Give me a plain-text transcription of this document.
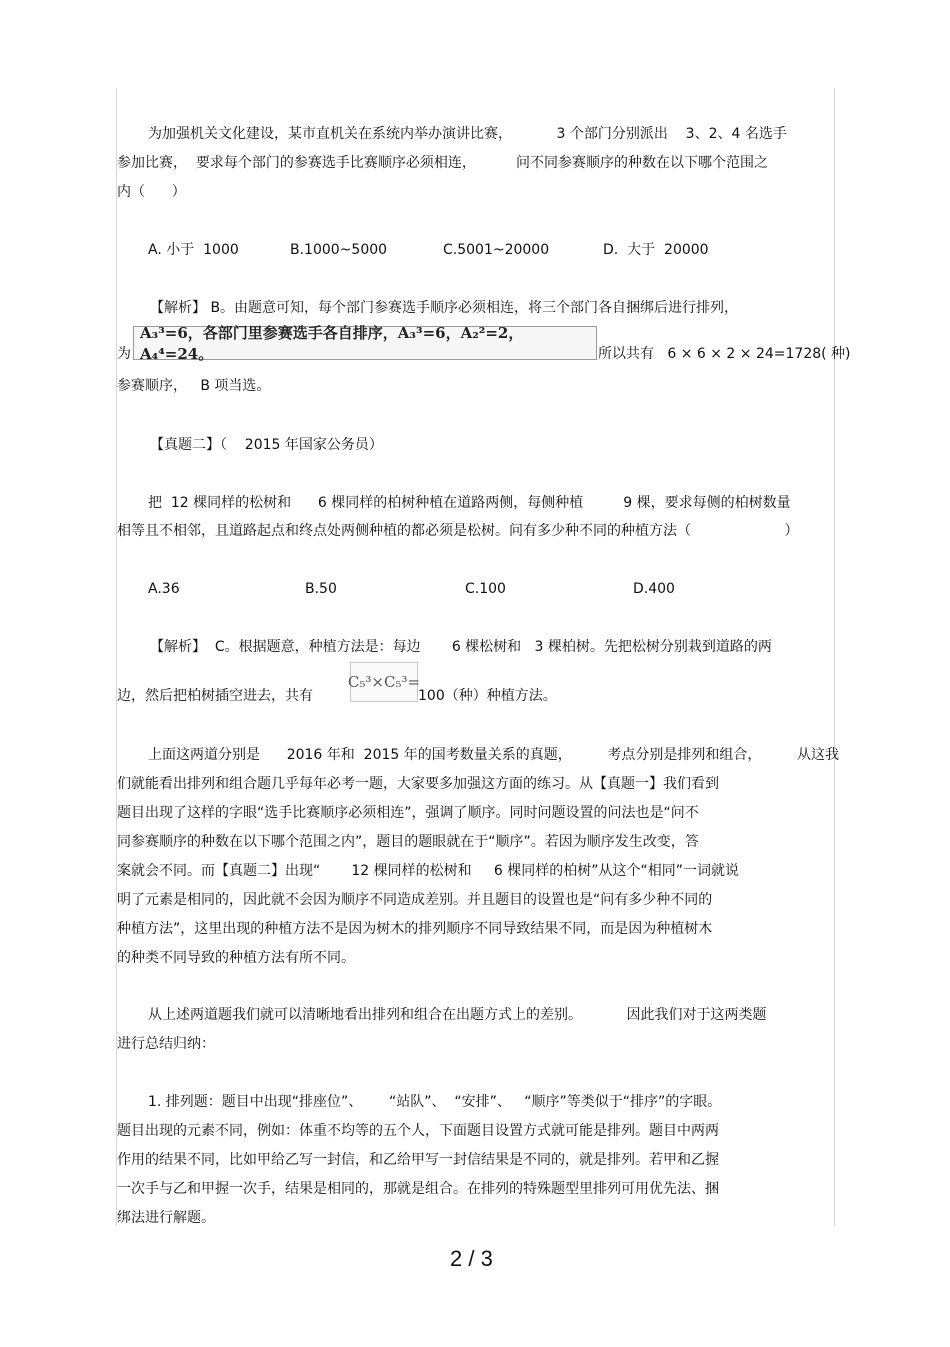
为加强机关文化建设，某市直机关在系统内举办演讲比赛，          3 个部门分别派出    3、2、4 名选手
参加比赛，  要求每个部门的参赛选手比赛顺序必须相连，         问不同参赛顺序的种数在以下哪个范围之
内（      ）
A. 小于  1000	B.1000~5000	C.5001~20000	D.  大于  20000
【解析】 B。由题意可知，每个部门参赛选手顺序必须相连，将三个部门各自捆绑后进行排列，
为
A₃³=6，各部门里参赛选手各自排序，A₃³=6，A₂²=2，A₄⁴=24。	所以共有   6 × 6 × 2 × 24=1728( 种)
参赛顺序，   B 项当选。
【真题二】（    2015 年国家公务员）
把  12 棵同样的松树和      6 棵同样的柏树种植在道路两侧，每侧种植         9 棵，要求每侧的柏树数量
相等且不相邻，且道路起点和终点处两侧种植的都必须是松树。问有多少种不同的种植方法（                     ）
A.36	B.50	C.100	D.400
【解析】  C。根据题意，种植方法是：每边       6 棵松树和   3 棵柏树。先把松树分别栽到道路的两
边，然后把柏树插空进去，共有
C₅³×C₅³=
100（种）种植方法。
上面这两道分别是      2016 年和  2015 年的国考数量关系的真题，        考点分别是排列和组合，        从这我
们就能看出排列和组合题几乎每年必考一题，大家要多加强这方面的练习。从【真题一】我们看到
题目出现了这样的字眼“选手比赛顺序必须相连”，强调了顺序。同时问题设置的问法也是“问不
同参赛顺序的种数在以下哪个范围之内”，题目的题眼就在于“顺序”。若因为顺序发生改变，答
案就会不同。而【真题二】出现“       12 棵同样的松树和     6 棵同样的柏树”从这个“相同”一词就说
明了元素是相同的，因此就不会因为顺序不同造成差别。并且题目的设置也是“问有多少种不同的
种植方法”，这里出现的种植方法不是因为树木的排列顺序不同导致结果不同，而是因为种植树木
的种类不同导致的种植方法有所不同。
从上述两道题我们就可以清晰地看出排列和组合在出题方式上的差别。          因此我们对于这两类题
进行总结归纳：
1. 排列题：题目中出现“排座位”、      “站队”、  “安排”、   “顺序”等类似于“排序”的字眼。
题目出现的元素不同，例如：体重不均等的五个人，下面题目设置方式就可能是排列。题目中两两
作用的结果不同，比如甲给乙写一封信，和乙给甲写一封信结果是不同的，就是排列。若甲和乙握
一次手与乙和甲握一次手，结果是相同的，那就是组合。在排列的特殊题型里排列可用优先法、捆
绑法进行解题。
2 / 3
